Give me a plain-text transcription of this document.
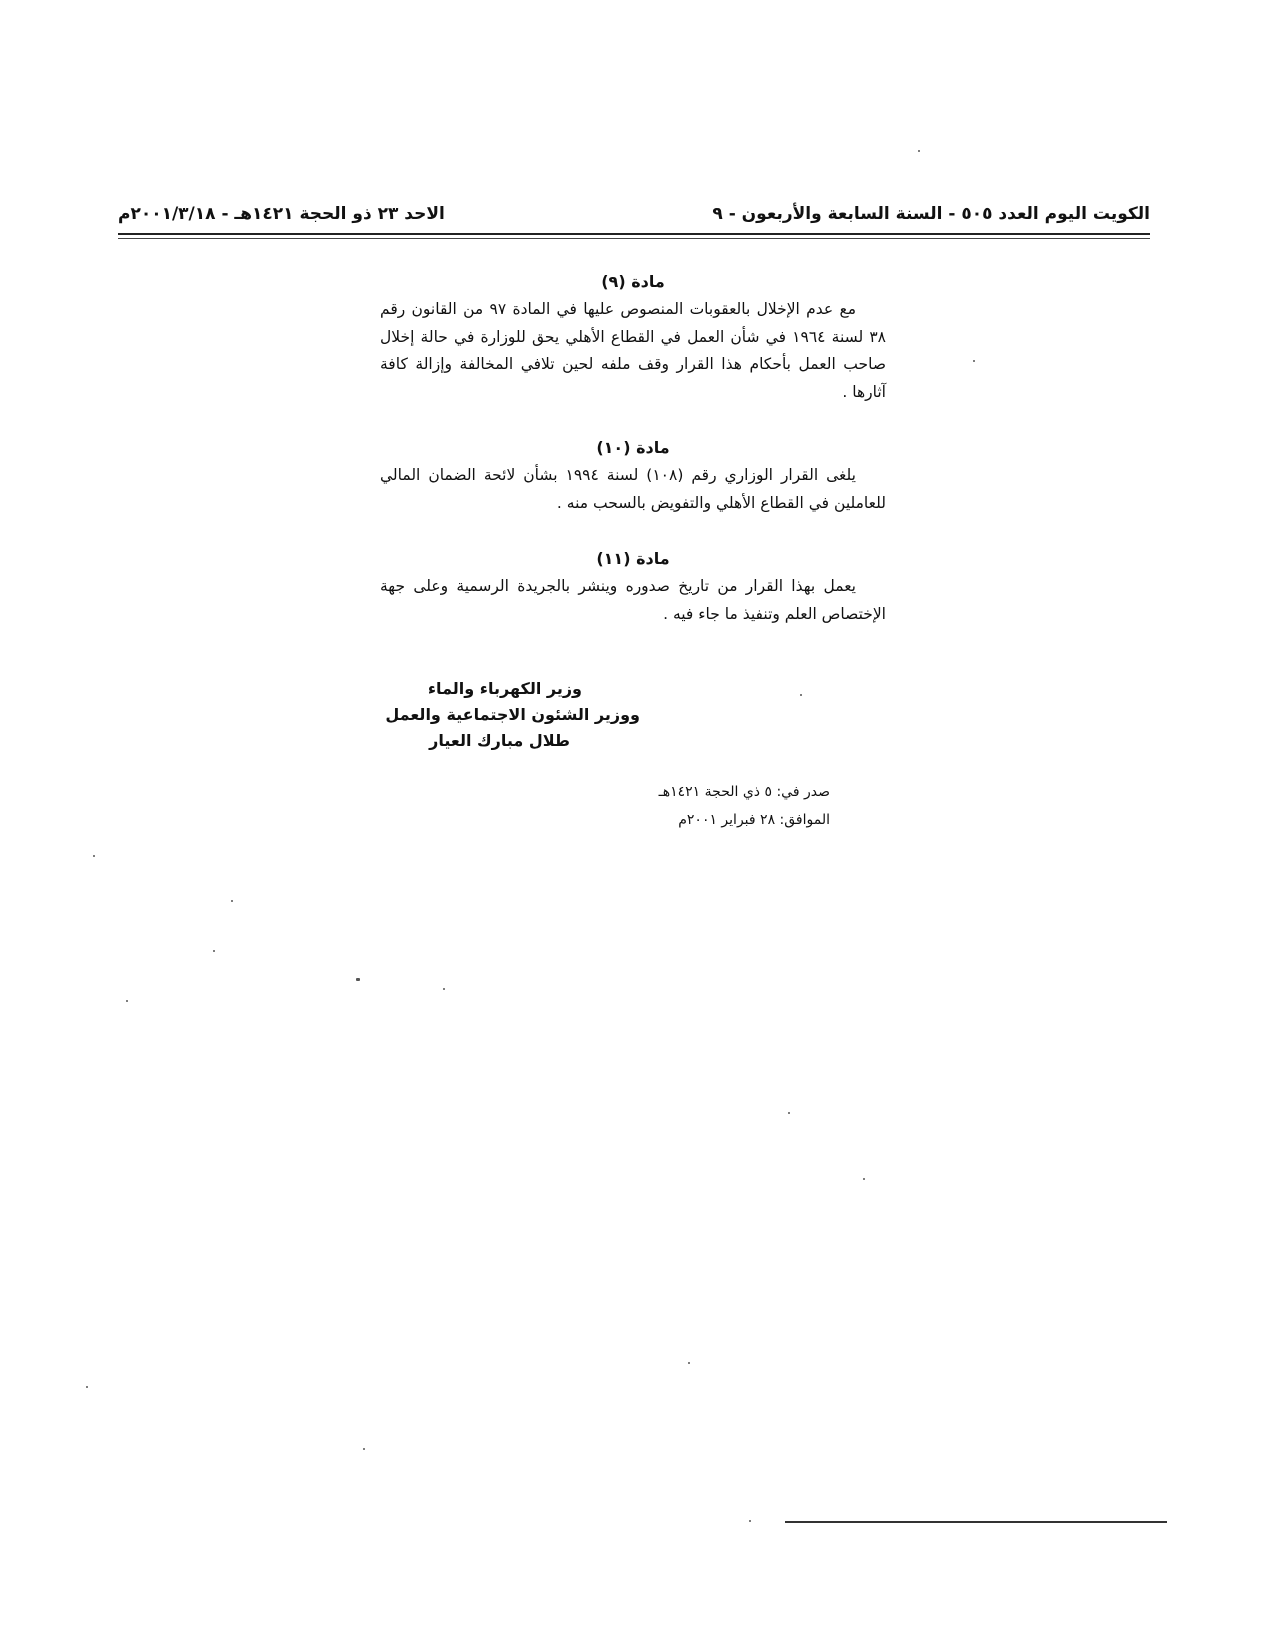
الكويت اليوم العدد ٥٠٥ - السنة السابعة والأربعون - ٩
الاحد ٢٣ ذو الحجة ١٤٢١هـ - ٢٠٠١/٣/١٨م
مادة (٩)
مع عدم الإخلال بالعقوبات المنصوص عليها في المادة ٩٧ من القانون رقم ٣٨ لسنة ١٩٦٤ في شأن العمل في القطاع الأهلي يحق للوزارة في حالة إخلال صاحب العمل بأحكام هذا القرار وقف ملفه لحين تلافي المخالفة وإزالة كافة آثارها .
مادة (١٠)
يلغى القرار الوزاري رقم (١٠٨) لسنة ١٩٩٤ بشأن لائحة الضمان المالي للعاملين في القطاع الأهلي والتفويض بالسحب منه .
مادة (١١)
يعمل بهذا القرار من تاريخ صدوره وينشر بالجريدة الرسمية وعلى جهة الإختصاص العلم وتنفيذ ما جاء فيه .
وزير الكهرباء والماء
ووزير الشئون الاجتماعية والعمل
طلال مبارك العيار
صدر في: ٥ ذي الحجة ١٤٢١هـ
الموافق: ٢٨ فبراير ٢٠٠١م
